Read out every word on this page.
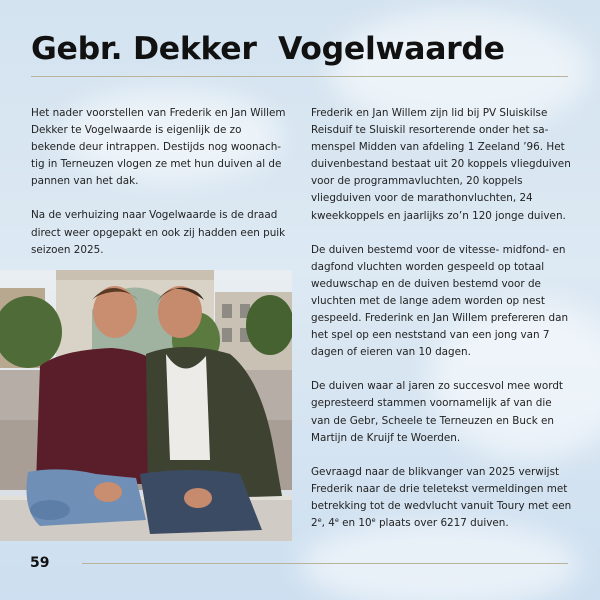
Gebr. Dekker  Vogelwaarde

Het nader voorstellen van Frederik en Jan Willem Dekker te Vogelwaarde is eigenlijk de zo bekende deur intrappen. Destijds nog woonachtig in Terneuzen vlogen ze met hun duiven al de pannen van het dak.

Na de verhuizing naar Vogelwaarde is de draad direct weer opgepakt en ook zij hadden een puik seizoen 2025.

Frederik en Jan Willem zijn lid bij PV Sluiskilse Reisduif te Sluiskil resorterende onder het samenspel Midden van afdeling 1 Zeeland ’96. Het duivenbestand bestaat uit 20 koppels vliegduiven voor de programmavluchten, 20 koppels vliegduiven voor de marathonvluchten, 24 kweekkoppels en jaarlijks zo’n 120 jonge duiven.

De duiven bestemd voor de vitesse- midfond- en dagfond vluchten worden gespeeld op totaal weduwschap en de duiven bestemd voor de vluchten met de lange adem worden op nest gespeeld. Frederink en Jan Willem prefereren dan het spel op een neststand van een jong van 7 dagen of eieren van 10 dagen.

De duiven waar al jaren zo succesvol mee wordt gepresteerd stammen voornamelijk af van die van de Gebr, Scheele te Terneuzen en Buck en Martijn de Kruijf te Woerden.

Gevraagd naar de blikvanger van 2025 verwijst Frederik naar de drie teletekst vermeldingen met betrekking tot de wedvlucht vanuit Toury met een 2e, 4e en 10e plaats over 6217 duiven.

59
